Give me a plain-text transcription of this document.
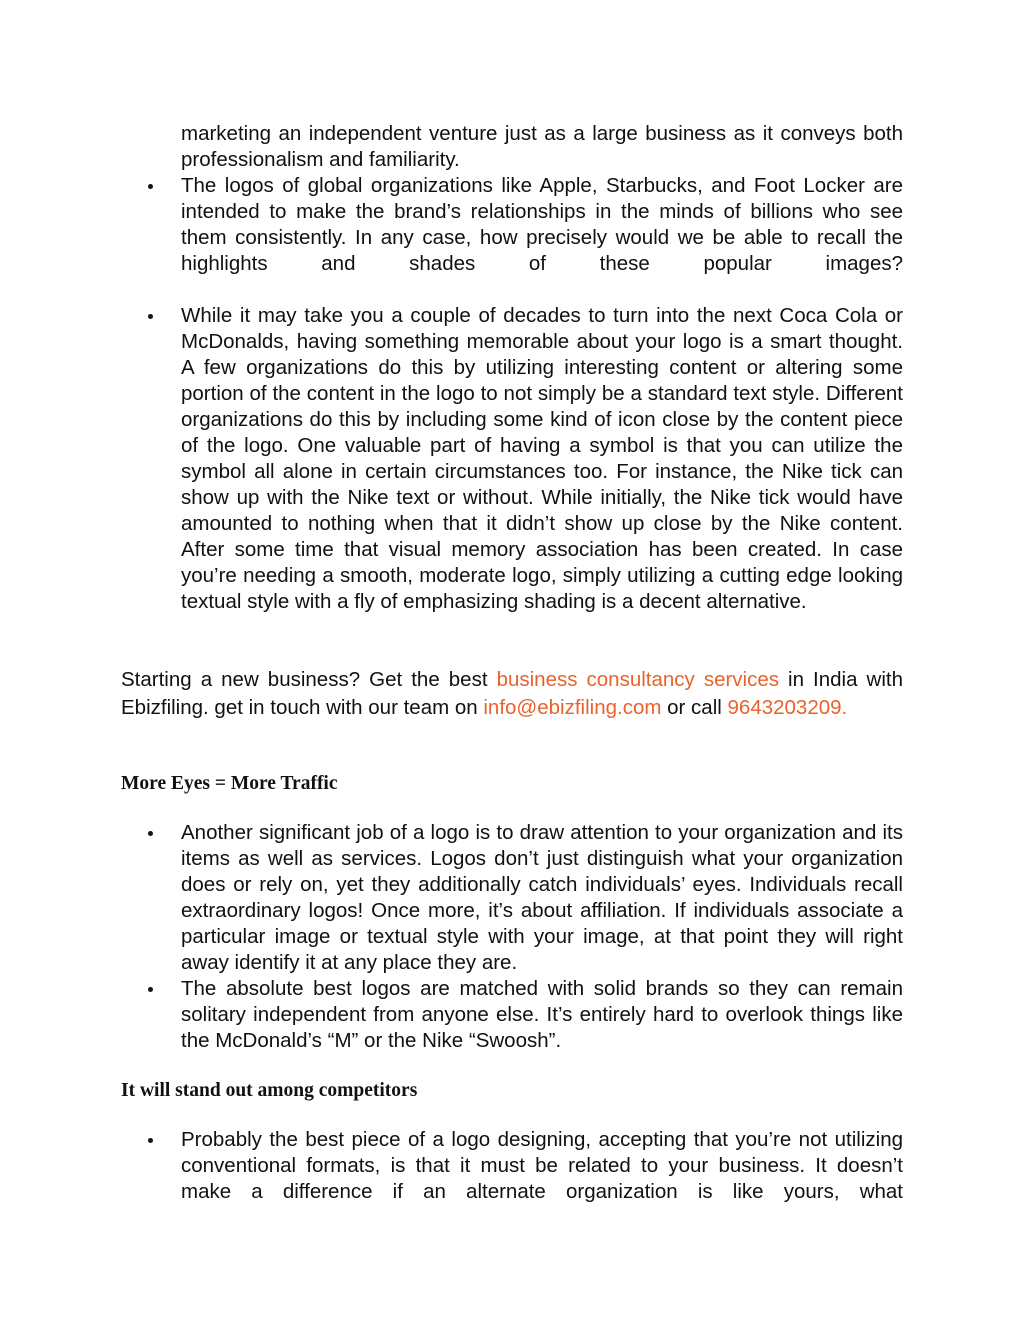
marketing an independent venture just as a large business as it conveys both professionalism and familiarity.
The logos of global organizations like Apple, Starbucks, and Foot Locker are intended to make the brand’s relationships in the minds of billions who see them consistently. In any case, how precisely would we be able to recall the highlights and shades of these popular images?
While it may take you a couple of decades to turn into the next Coca Cola or McDonalds, having something memorable about your logo is a smart thought. A few organizations do this by utilizing interesting content or altering some portion of the content in the logo to not simply be a standard text style. Different organizations do this by including some kind of icon close by the content piece of the logo. One valuable part of having a symbol is that you can utilize the symbol all alone in certain circumstances too. For instance, the Nike tick can show up with the Nike text or without. While initially, the Nike tick would have amounted to nothing when that it didn’t show up close by the Nike content. After some time that visual memory association has been created. In case you’re needing a smooth, moderate logo, simply utilizing a cutting edge looking textual style with a fly of emphasizing shading is a decent alternative.
Starting a new business? Get the best business consultancy services in India with Ebizfiling. get in touch with our team on info@ebizfiling.com or call 9643203209.
More Eyes = More Traffic
Another significant job of a logo is to draw attention to your organization and its items as well as services. Logos don’t just distinguish what your organization does or rely on, yet they additionally catch individuals’ eyes. Individuals recall extraordinary logos! Once more, it’s about affiliation. If individuals associate a particular image or textual style with your image, at that point they will right away identify it at any place they are.
The absolute best logos are matched with solid brands so they can remain solitary independent from anyone else. It’s entirely hard to overlook things like the McDonald’s “M” or the Nike “Swoosh”.
It will stand out among competitors
Probably the best piece of a logo designing, accepting that you’re not utilizing conventional formats, is that it must be related to your business. It doesn’t make a difference if an alternate organization is like yours, what
